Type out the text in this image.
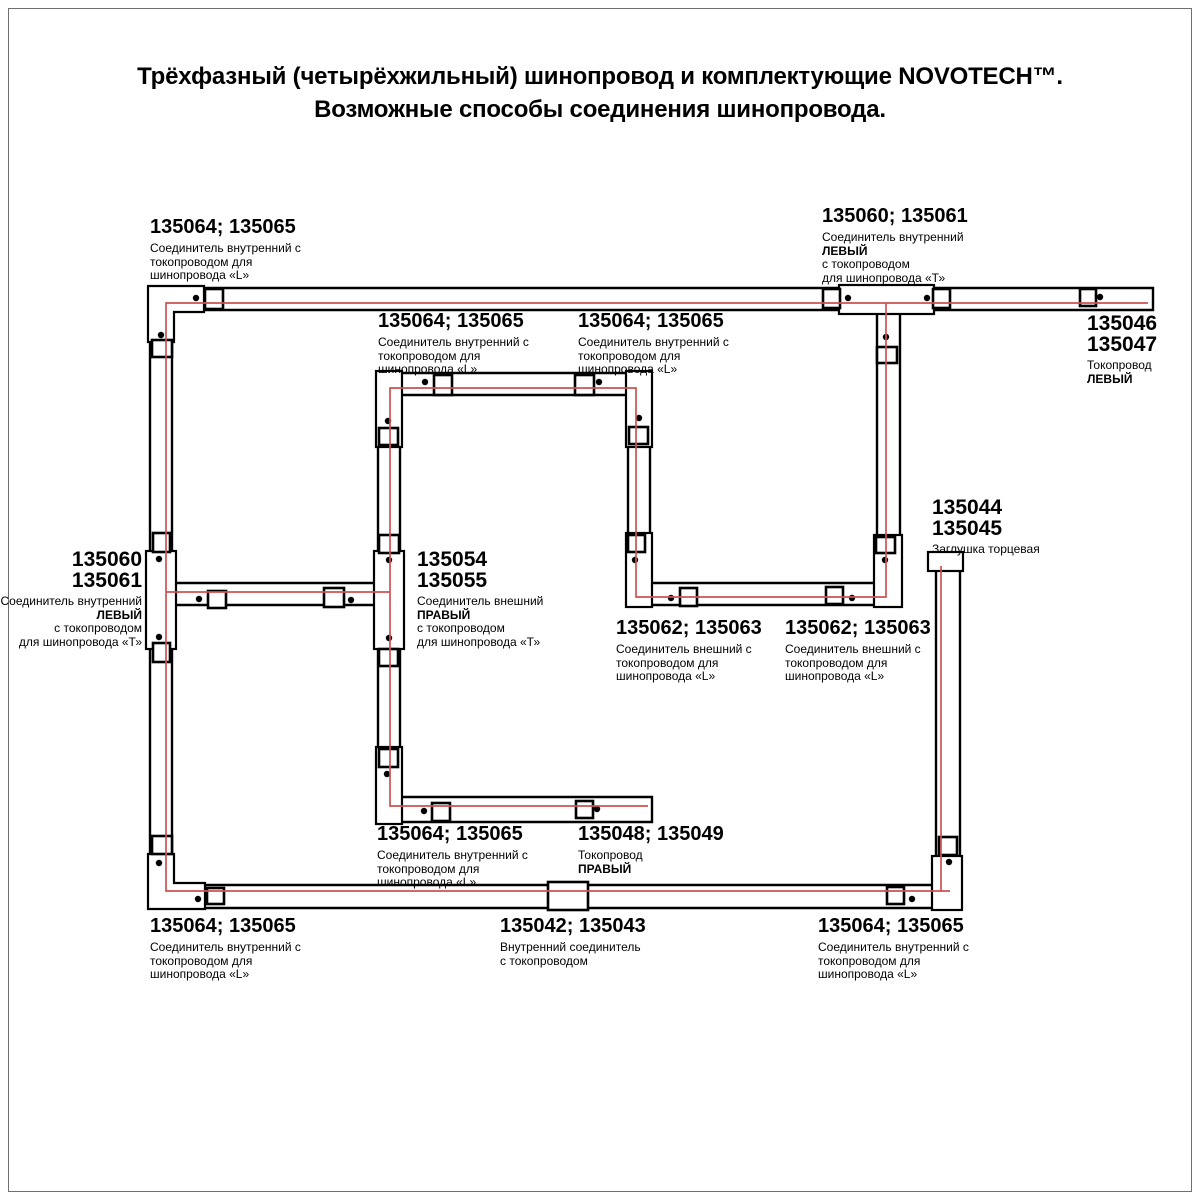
Трёхфазный (четырёхжильный) шинопровод и комплектующие NOVOTECH™.
Возможные способы соединения шинопровода.
135064; 135065
Соединитель внутренний с
токопроводом для
шинопровода «L»
135060; 135061
Соединитель внутренний
ЛЕВЫЙ
с токопроводом
для шинопровода «Т»
135046
135047
Токопровод
ЛЕВЫЙ
135064; 135065
Соединитель внутренний с
токопроводом для
шинопровода «L»
135064; 135065
Соединитель внутренний с
токопроводом для
шинопровода «L»
135060
135061
Соединитель внутренний
ЛЕВЫЙ
с токопроводом
для шинопровода «Т»
135054
135055
Соединитель внешний
ПРАВЫЙ
с токопроводом
для шинопровода «Т»
135044
135045
Заглушка торцевая
135062; 135063
Соединитель внешний с
токопроводом для
шинопровода «L»
135062; 135063
Соединитель внешний с
токопроводом для
шинопровода «L»
135064; 135065
Соединитель внутренний с
токопроводом для
шинопровода «L»
135048; 135049
Токопровод
ПРАВЫЙ
135064; 135065
Соединитель внутренний с
токопроводом для
шинопровода «L»
135042; 135043
Внутренний соединитель
с токопроводом
135064; 135065
Соединитель внутренний с
токопроводом для
шинопровода «L»
